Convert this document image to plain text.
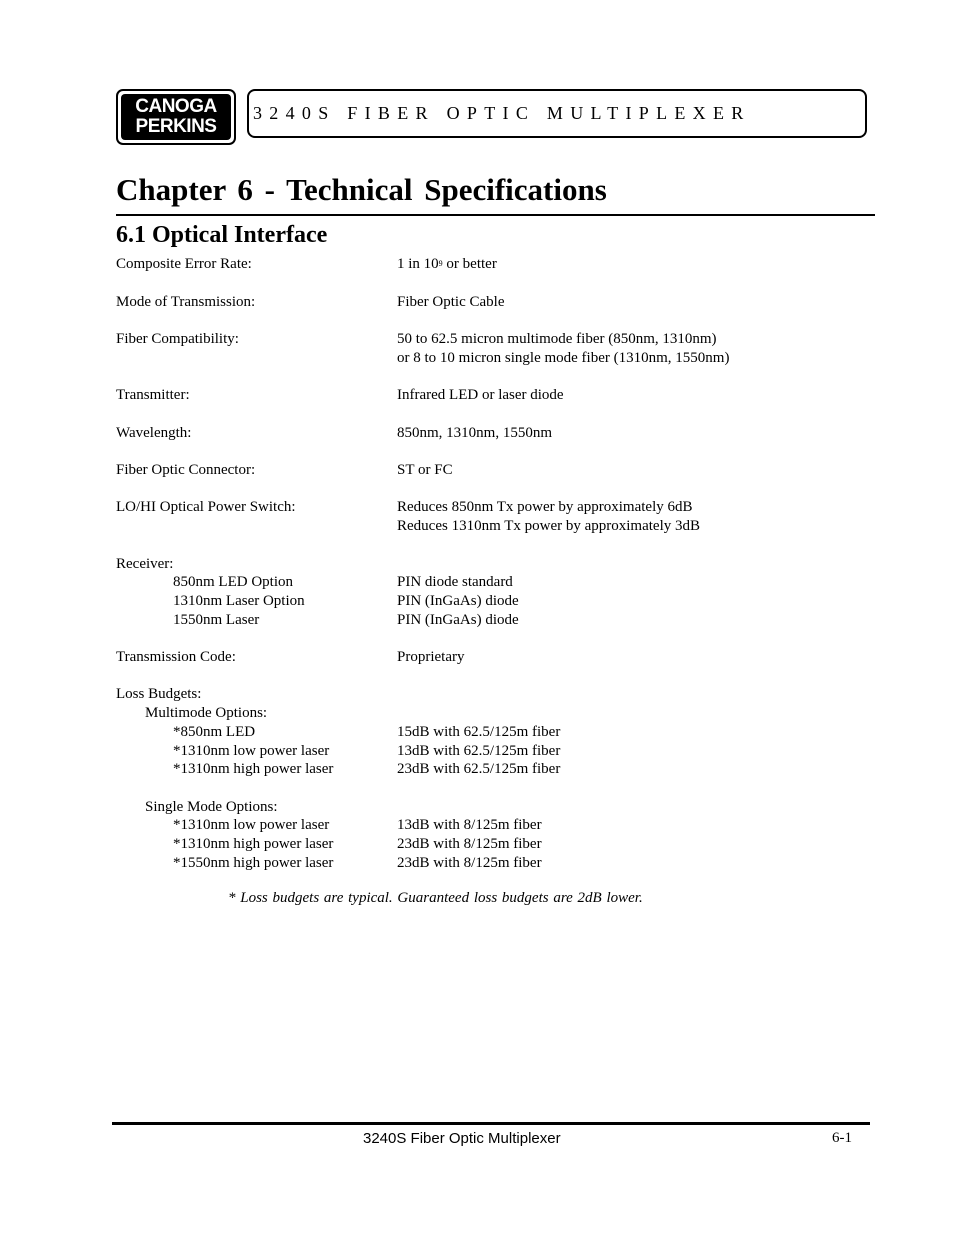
CANOGA
PERKINS
3240S FIBER OPTIC MULTIPLEXER
Chapter 6 - Technical Specifications
6.1 Optical Interface
Composite Error Rate:	1 in $10^9$ or better
Mode of Transmission:	Fiber Optic Cable
Fiber Compatibility:	50 to 62.5 micron multimode fiber (850nm, 1310nm)
or 8 to 10 micron single mode fiber (1310nm, 1550nm)
Transmitter:	Infrared LED or laser diode
Wavelength:	850nm, 1310nm, 1550nm
Fiber Optic Connector:	ST or FC
LO/HI Optical Power Switch:	Reduces 850nm Tx power by approximately 6dB
Reduces 1310nm Tx power by approximately 3dB
Receiver:
850nm LED Option	PIN diode standard
1310nm Laser Option	PIN (InGaAs) diode
1550nm Laser	PIN (InGaAs) diode
Transmission Code:	Proprietary
Loss Budgets:
Multimode Options:
*850nm LED	15dB with 62.5/125m fiber
*1310nm low power laser	13dB with 62.5/125m fiber
*1310nm high power laser	23dB with 62.5/125m fiber
Single Mode Options:
*1310nm low power laser	13dB with 8/125m fiber
*1310nm high power laser	23dB with 8/125m fiber
*1550nm high power laser	23dB with 8/125m fiber
* Loss budgets are typical. Guaranteed loss budgets are 2dB lower.
3240S Fiber Optic Multiplexer	6-1
